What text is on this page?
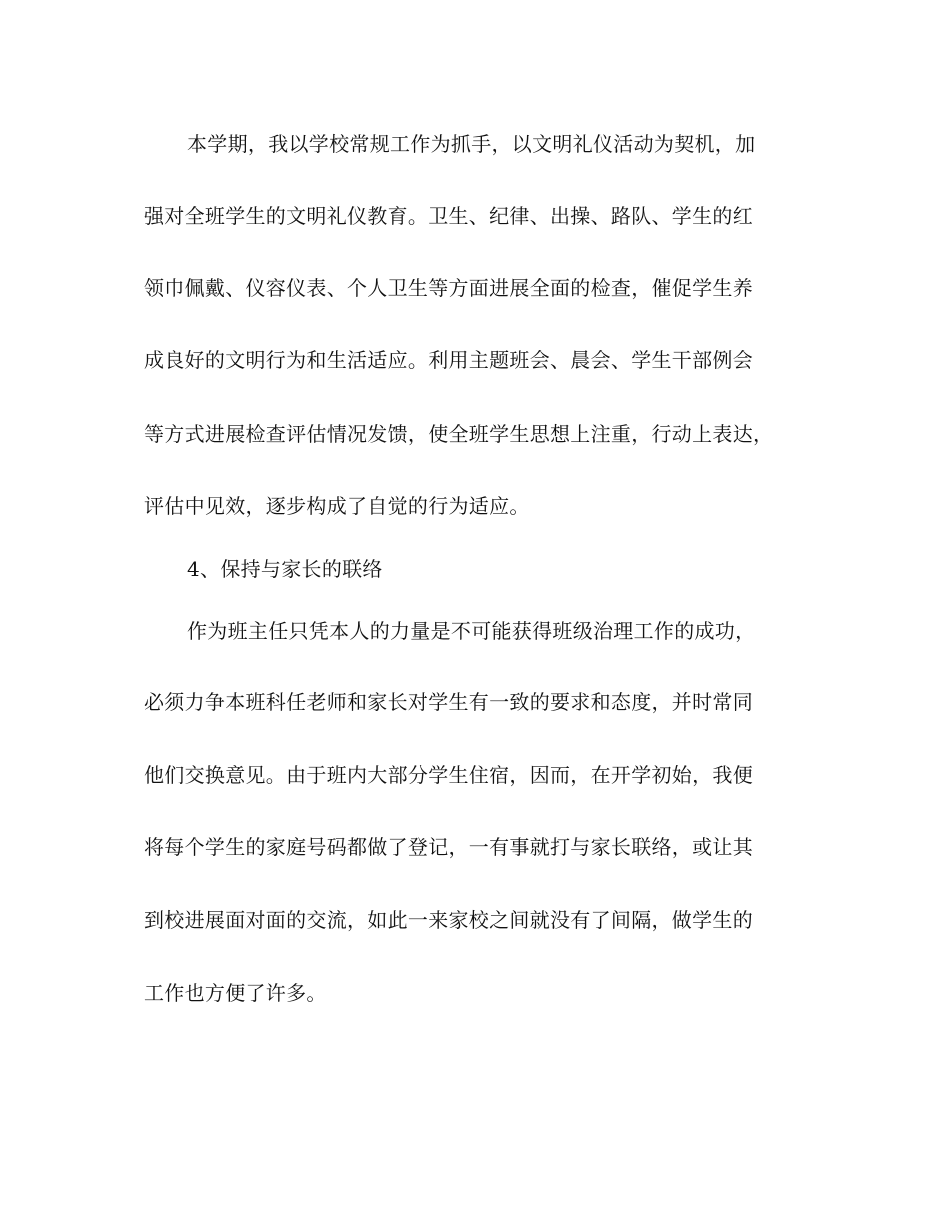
本学期，我以学校常规工作为抓手，以文明礼仪活动为契机，加
强对全班学生的文明礼仪教育。卫生、纪律、出操、路队、学生的红
领巾佩戴、仪容仪表、个人卫生等方面进展全面的检查，催促学生养
成良好的文明行为和生活适应。利用主题班会、晨会、学生干部例会
等方式进展检查评估情况发馈，使全班学生思想上注重，行动上表达，
评估中见效，逐步构成了自觉的行为适应。
4、保持与家长的联络
作为班主任只凭本人的力量是不可能获得班级治理工作的成功，
必须力争本班科任老师和家长对学生有一致的要求和态度，并时常同
他们交换意见。由于班内大部分学生住宿，因而，在开学初始，我便
将每个学生的家庭号码都做了登记，一有事就打与家长联络，或让其
到校进展面对面的交流，如此一来家校之间就没有了间隔，做学生的
工作也方便了许多。
